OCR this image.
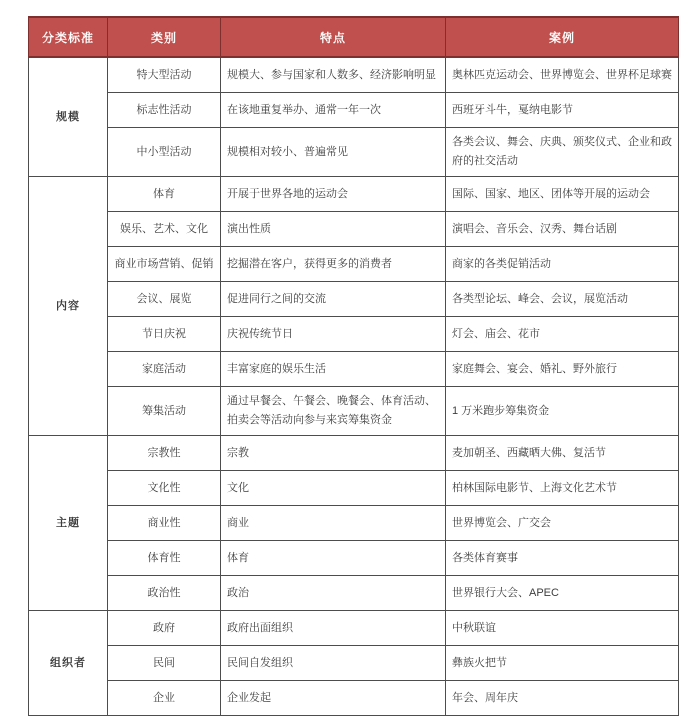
分类标准	类别	特点	案例
规模	特大型活动	规模大、参与国家和人数多、经济影响明显	奥林匹克运动会、世界博览会、世界杯足球赛
	标志性活动	在该地重复举办、通常一年一次	西班牙斗牛，戛纳电影节
	中小型活动	规模相对较小、普遍常见	各类会议、舞会、庆典、颁奖仪式、企业和政府的社交活动
内容	体育	开展于世界各地的运动会	国际、国家、地区、团体等开展的运动会
	娱乐、艺术、文化	演出性质	演唱会、音乐会、汉秀、舞台话剧
	商业市场营销、促销	挖掘潜在客户，获得更多的消费者	商家的各类促销活动
	会议、展览	促进同行之间的交流	各类型论坛、峰会、会议，展览活动
	节日庆祝	庆祝传统节日	灯会、庙会、花市
	家庭活动	丰富家庭的娱乐生活	家庭舞会、宴会、婚礼、野外旅行
	筹集活动	通过早餐会、午餐会、晚餐会、体育活动、拍卖会等活动向参与来宾筹集资金	1 万米跑步筹集资金
主题	宗教性	宗教	麦加朝圣、西藏晒大佛、复活节
	文化性	文化	柏林国际电影节、上海文化艺术节
	商业性	商业	世界博览会、广交会
	体育性	体育	各类体育赛事
	政治性	政治	世界银行大会、APEC
组织者	政府	政府出面组织	中秋联谊
	民间	民间自发组织	彝族火把节
	企业	企业发起	年会、周年庆
